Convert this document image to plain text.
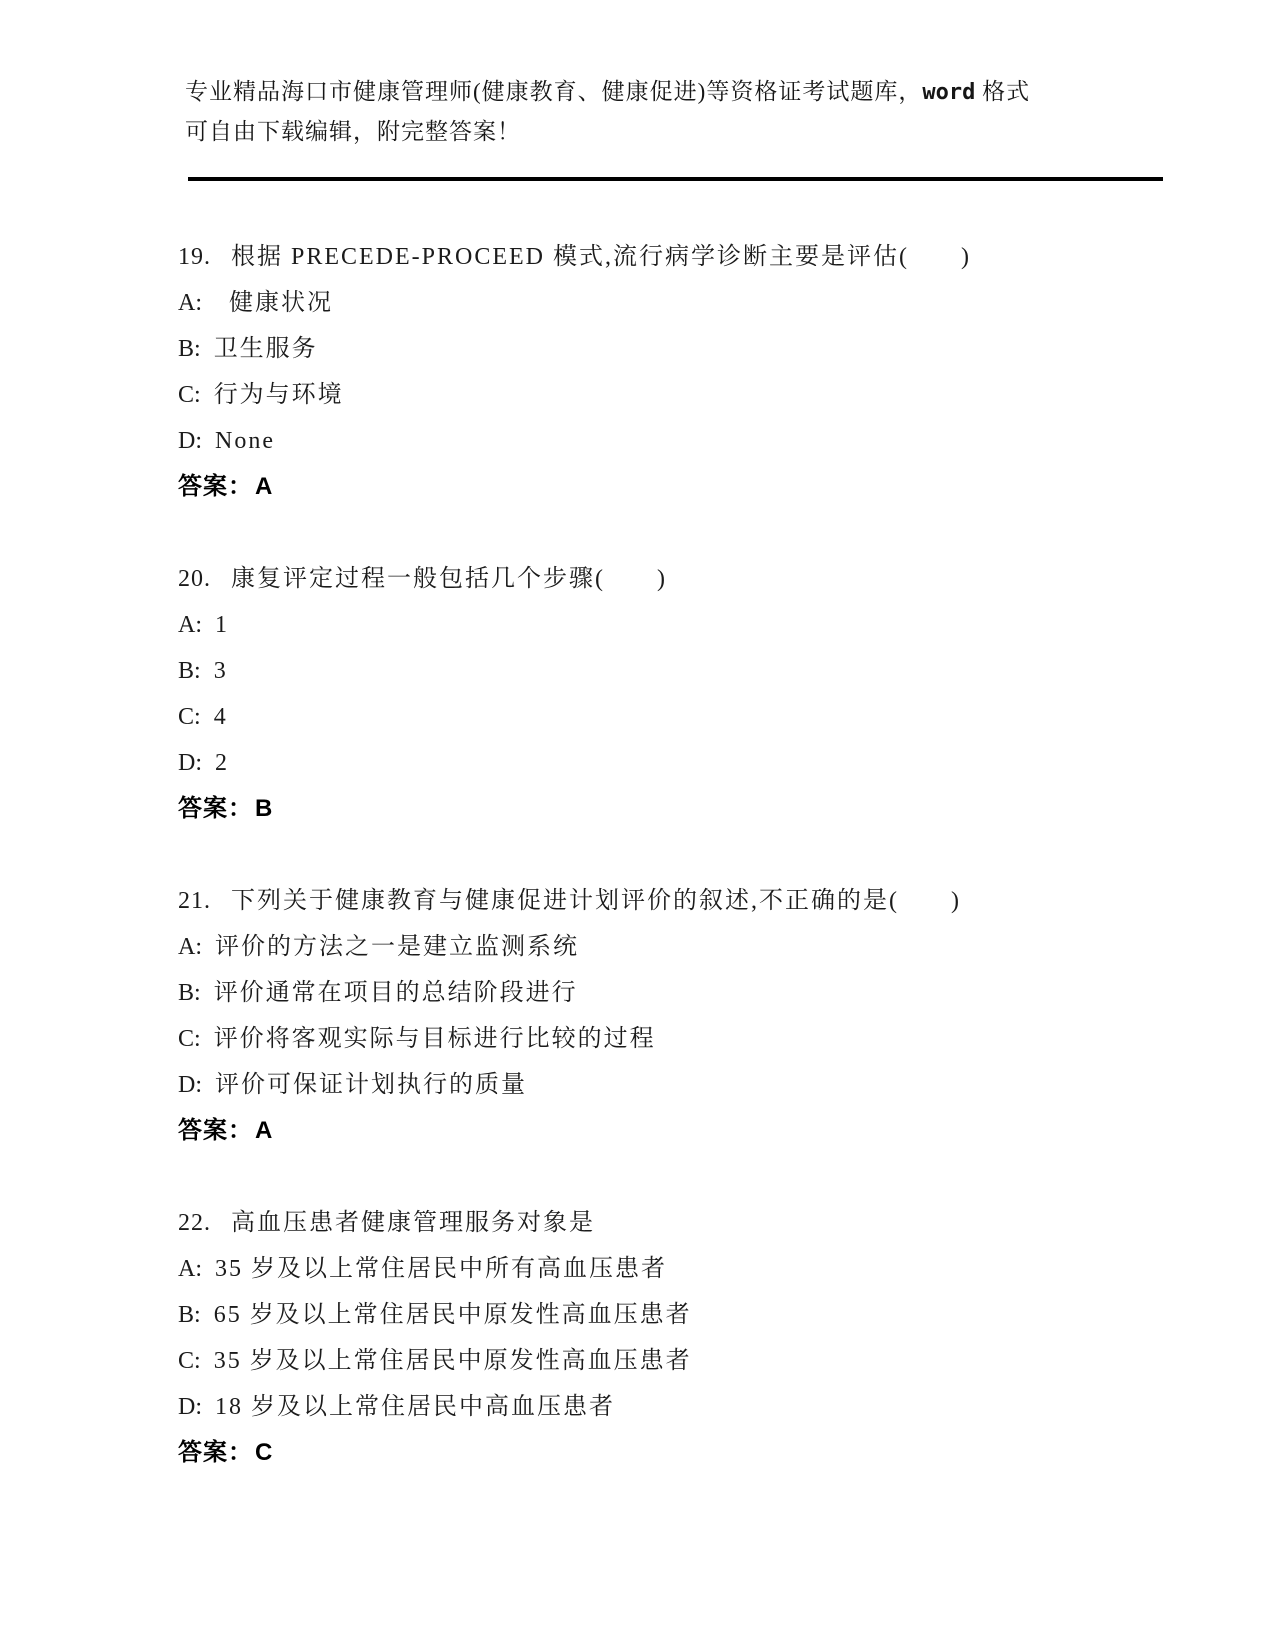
专业精品海口市健康管理师(健康教育、健康促进)等资格证考试题库，word 格式
可自由下载编辑，附完整答案！
19. 根据 PRECEDE-PROCEED 模式,流行病学诊断主要是评估(　　)
A: 健康状况
B: 卫生服务
C: 行为与环境
D: None
答案：A
20. 康复评定过程一般包括几个步骤(　　)
A: 1
B: 3
C: 4
D: 2
答案：B
21. 下列关于健康教育与健康促进计划评价的叙述,不正确的是(　　)
A: 评价的方法之一是建立监测系统
B: 评价通常在项目的总结阶段进行
C: 评价将客观实际与目标进行比较的过程
D: 评价可保证计划执行的质量
答案：A
22. 高血压患者健康管理服务对象是
A: 35 岁及以上常住居民中所有高血压患者
B: 65 岁及以上常住居民中原发性高血压患者
C: 35 岁及以上常住居民中原发性高血压患者
D: 18 岁及以上常住居民中高血压患者
答案：C
